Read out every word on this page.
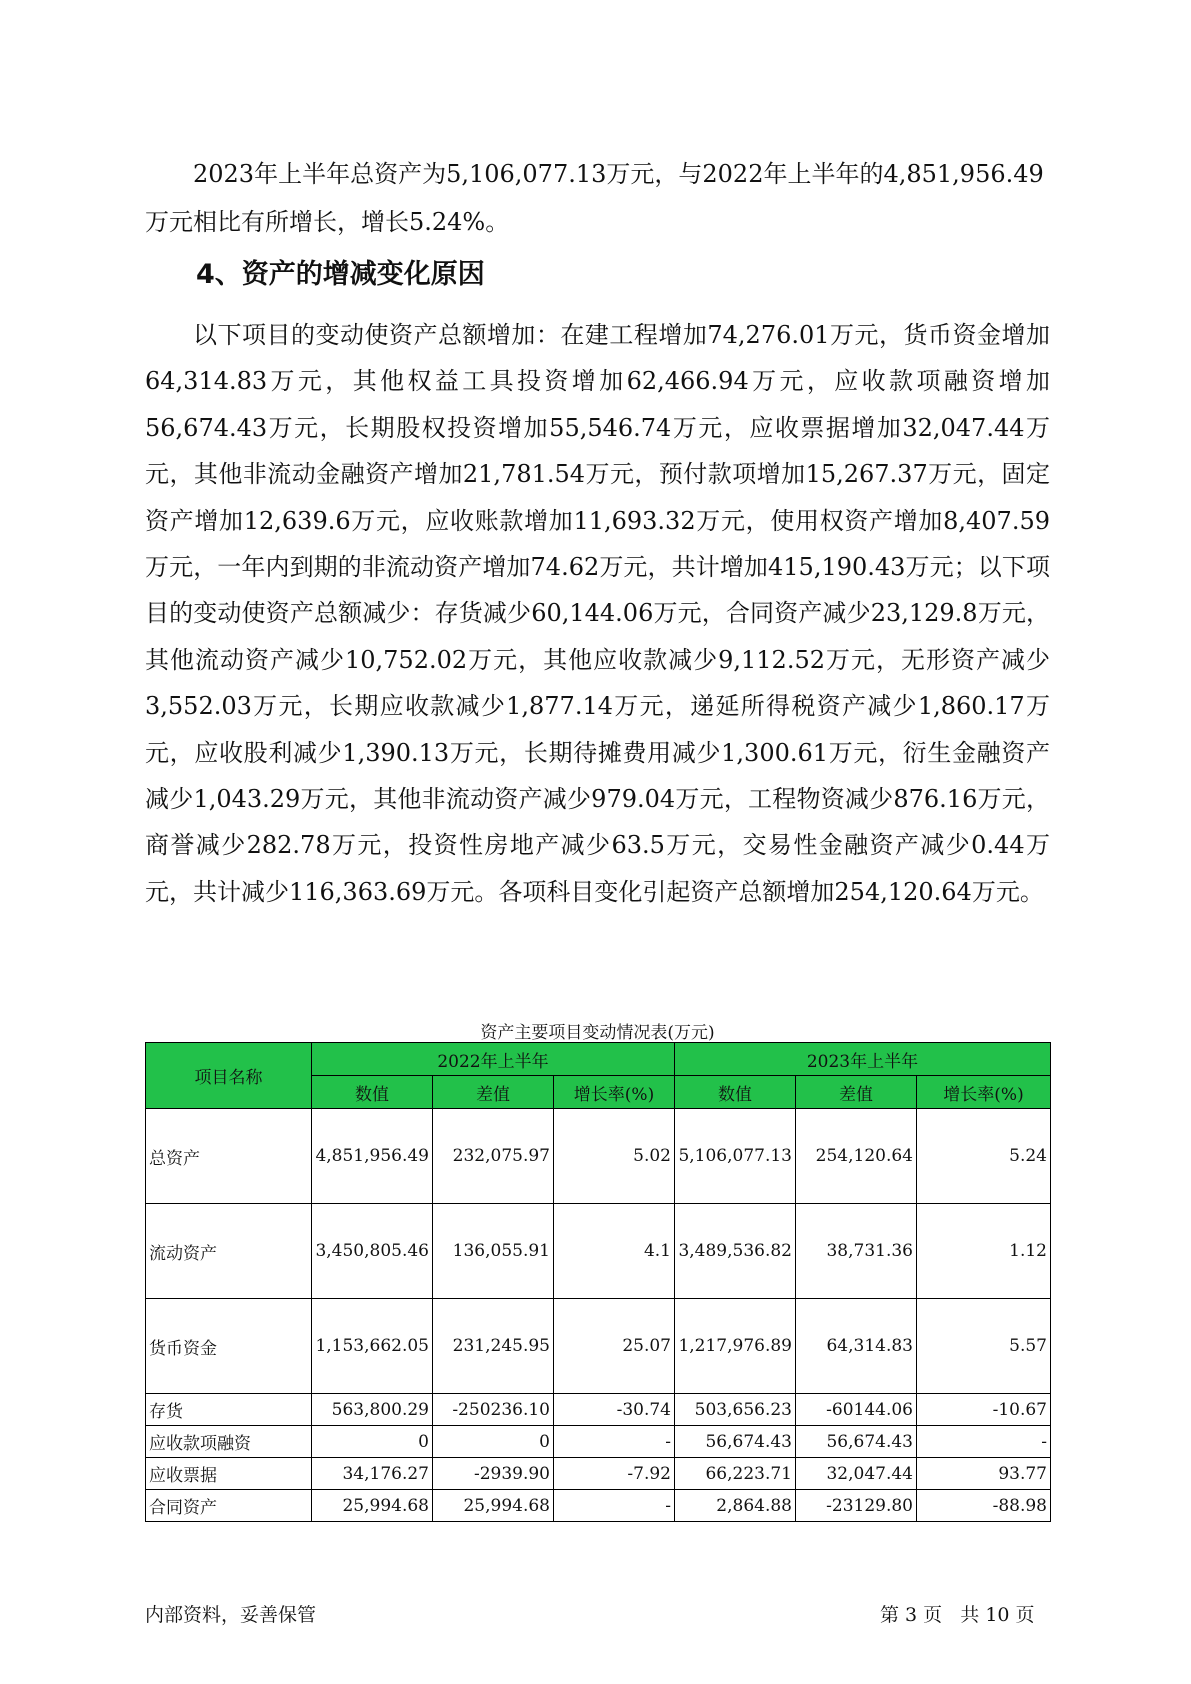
2023年上半年总资产为5,106,077.13万元，与2022年上半年的4,851,956.49万元相比有所增长，增长5.24%。

4、资产的增减变化原因

以下项目的变动使资产总额增加：在建工程增加74,276.01万元，货币资金增加64,314.83万元，其他权益工具投资增加62,466.94万元，应收款项融资增加56,674.43万元，长期股权投资增加55,546.74万元，应收票据增加32,047.44万元，其他非流动金融资产增加21,781.54万元，预付款项增加15,267.37万元，固定资产增加12,639.6万元，应收账款增加11,693.32万元，使用权资产增加8,407.59万元，一年内到期的非流动资产增加74.62万元，共计增加415,190.43万元；以下项目的变动使资产总额减少：存货减少60,144.06万元，合同资产减少23,129.8万元，其他流动资产减少10,752.02万元，其他应收款减少9,112.52万元，无形资产减少3,552.03万元，长期应收款减少1,877.14万元，递延所得税资产减少1,860.17万元，应收股利减少1,390.13万元，长期待摊费用减少1,300.61万元，衍生金融资产减少1,043.29万元，其他非流动资产减少979.04万元，工程物资减少876.16万元，商誉减少282.78万元，投资性房地产减少63.5万元，交易性金融资产减少0.44万元，共计减少116,363.69万元。各项科目变化引起资产总额增加254,120.64万元。

资产主要项目变动情况表(万元)

项目名称	2022年上半年			2023年上半年		
	数值	差值	增长率(%)	数值	差值	增长率(%)
总资产	4,851,956.49	232,075.97	5.02	5,106,077.13	254,120.64	5.24
流动资产	3,450,805.46	136,055.91	4.1	3,489,536.82	38,731.36	1.12
货币资金	1,153,662.05	231,245.95	25.07	1,217,976.89	64,314.83	5.57
存货	563,800.29	-250236.10	-30.74	503,656.23	-60144.06	-10.67
应收款项融资	0	0	-	56,674.43	56,674.43	-
应收票据	34,176.27	-2939.90	-7.92	66,223.71	32,047.44	93.77
合同资产	25,994.68	25,994.68	-	2,864.88	-23129.80	-88.98
内部资料，妥善保管	第 3 页   共 10 页
